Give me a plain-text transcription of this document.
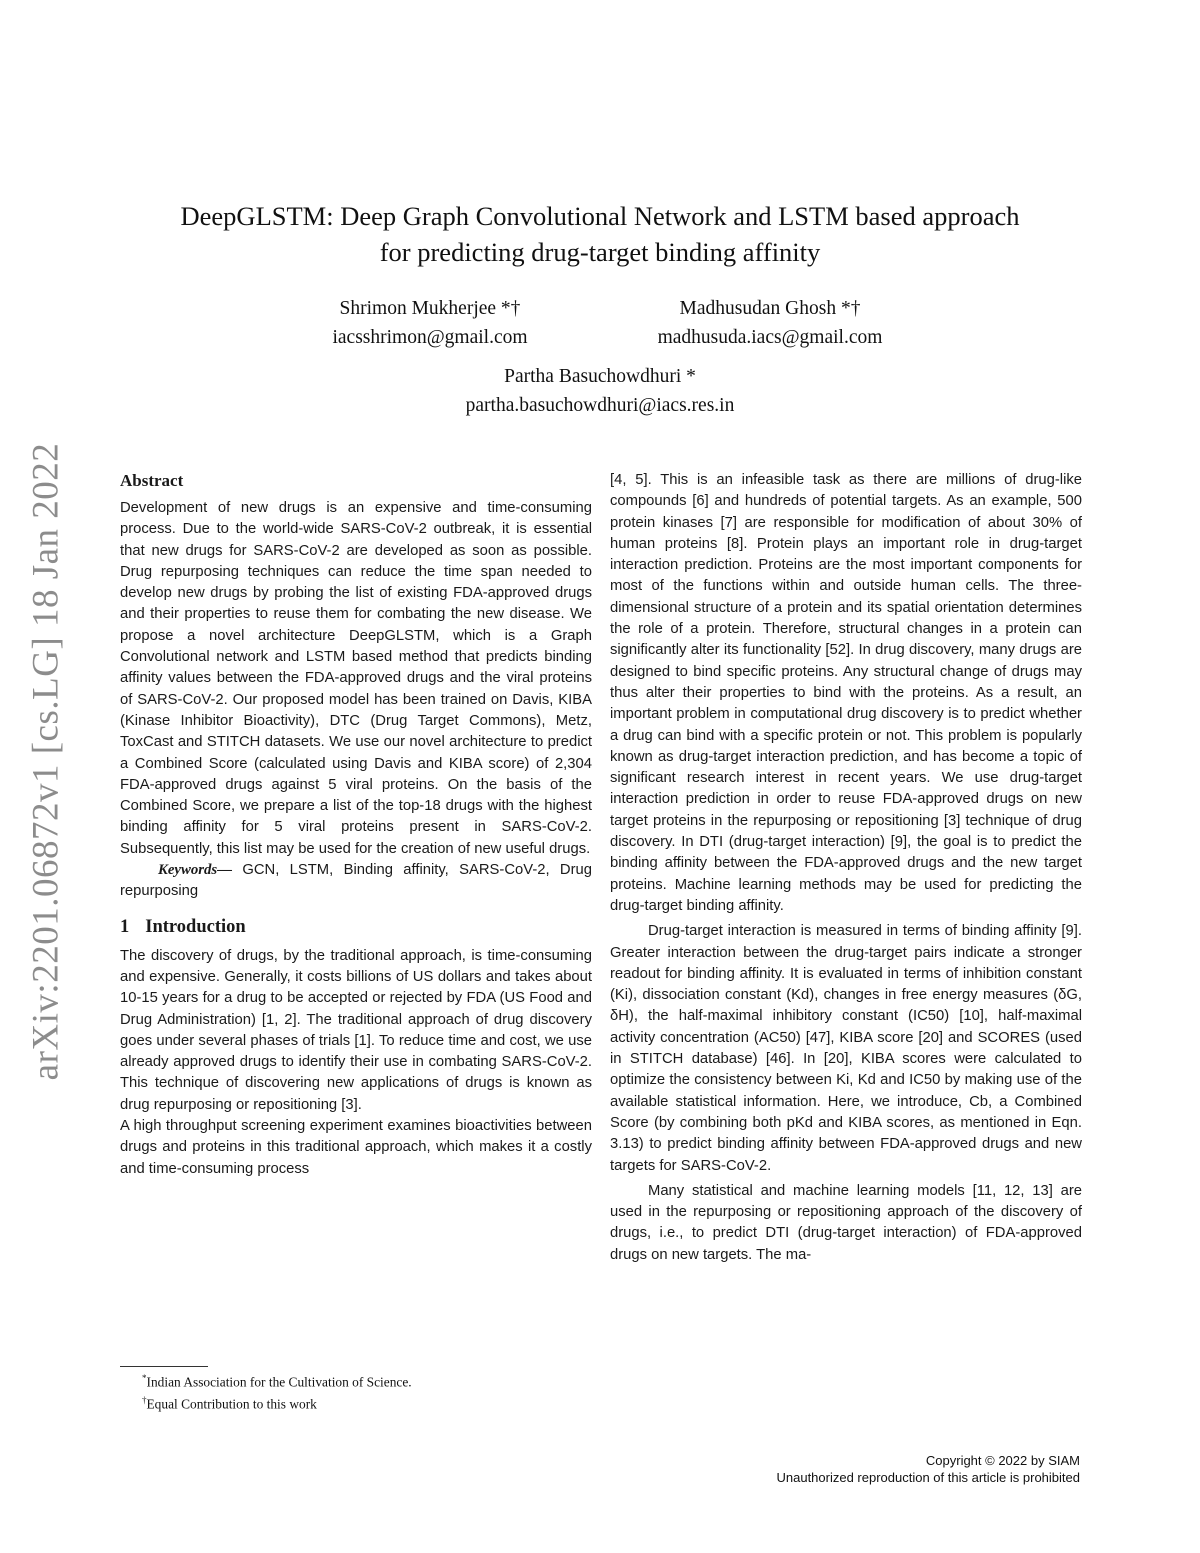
arXiv:2201.06872v1 [cs.LG] 18 Jan 2022
DeepGLSTM: Deep Graph Convolutional Network and LSTM based approach
for predicting drug-target binding affinity
Shrimon Mukherjee *†
iacsshrimon@gmail.com
Madhusudan Ghosh *†
madhusuda.iacs@gmail.com
Partha Basuchowdhuri *
partha.basuchowdhuri@iacs.res.in
Abstract

Development of new drugs is an expensive and time-consuming process. Due to the world-wide SARS-CoV-2 outbreak, it is essential that new drugs for SARS-CoV-2 are developed as soon as possible. Drug repurposing techniques can reduce the time span needed to develop new drugs by probing the list of existing FDA-approved drugs and their properties to reuse them for combating the new disease. We propose a novel architecture DeepGLSTM, which is a Graph Convolutional network and LSTM based method that predicts binding affinity values between the FDA-approved drugs and the viral proteins of SARS-CoV-2. Our proposed model has been trained on Davis, KIBA (Kinase Inhibitor Bioactivity), DTC (Drug Target Commons), Metz, ToxCast and STITCH datasets. We use our novel architecture to predict a Combined Score (calculated using Davis and KIBA score) of 2,304 FDA-approved drugs against 5 viral proteins. On the basis of the Combined Score, we prepare a list of the top-18 drugs with the highest binding affinity for 5 viral proteins present in SARS-CoV-2. Subsequently, this list may be used for the creation of new useful drugs.

Keywords— GCN, LSTM, Binding affinity, SARS-CoV-2, Drug repurposing

1 Introduction

The discovery of drugs, by the traditional approach, is time-consuming and expensive. Generally, it costs billions of US dollars and takes about 10-15 years for a drug to be accepted or rejected by FDA (US Food and Drug Administration) [1, 2]. The traditional approach of drug discovery goes under several phases of trials [1]. To reduce time and cost, we use already approved drugs to identify their use in combating SARS-CoV-2. This technique of discovering new applications of drugs is known as drug repurposing or repositioning [3].

A high throughput screening experiment examines bioactivities between drugs and proteins in this traditional approach, which makes it a costly and time-consuming process

[4, 5]. This is an infeasible task as there are millions of drug-like compounds [6] and hundreds of potential targets. As an example, 500 protein kinases [7] are responsible for modification of about 30% of human proteins [8]. Protein plays an important role in drug-target interaction prediction. Proteins are the most important components for most of the functions within and outside human cells. The three-dimensional structure of a protein and its spatial orientation determines the role of a protein. Therefore, structural changes in a protein can significantly alter its functionality [52]. In drug discovery, many drugs are designed to bind specific proteins. Any structural change of drugs may thus alter their properties to bind with the proteins. As a result, an important problem in computational drug discovery is to predict whether a drug can bind with a specific protein or not. This problem is popularly known as drug-target interaction prediction, and has become a topic of significant research interest in recent years. We use drug-target interaction prediction in order to reuse FDA-approved drugs on new target proteins in the repurposing or repositioning [3] technique of drug discovery. In DTI (drug-target interaction) [9], the goal is to predict the binding affinity between the FDA-approved drugs and the new target proteins. Machine learning methods may be used for predicting the drug-target binding affinity.

Drug-target interaction is measured in terms of binding affinity [9]. Greater interaction between the drug-target pairs indicate a stronger readout for binding affinity. It is evaluated in terms of inhibition constant (Ki), dissociation constant (Kd), changes in free energy measures (δG, δH), the half-maximal inhibitory constant (IC50) [10], half-maximal activity concentration (AC50) [47], KIBA score [20] and SCORES (used in STITCH database) [46]. In [20], KIBA scores were calculated to optimize the consistency between Ki, Kd and IC50 by making use of the available statistical information. Here, we introduce, Cb, a Combined Score (by combining both pKd and KIBA scores, as mentioned in Eqn. 3.13) to predict binding affinity between FDA-approved drugs and new targets for SARS-CoV-2.

Many statistical and machine learning models [11, 12, 13] are used in the repurposing or repositioning approach of the discovery of drugs, i.e., to predict DTI (drug-target interaction) of FDA-approved drugs on new targets. The ma-

*Indian Association for the Cultivation of Science.
†Equal Contribution to this work
Copyright © 2022 by SIAM
Unauthorized reproduction of this article is prohibited
